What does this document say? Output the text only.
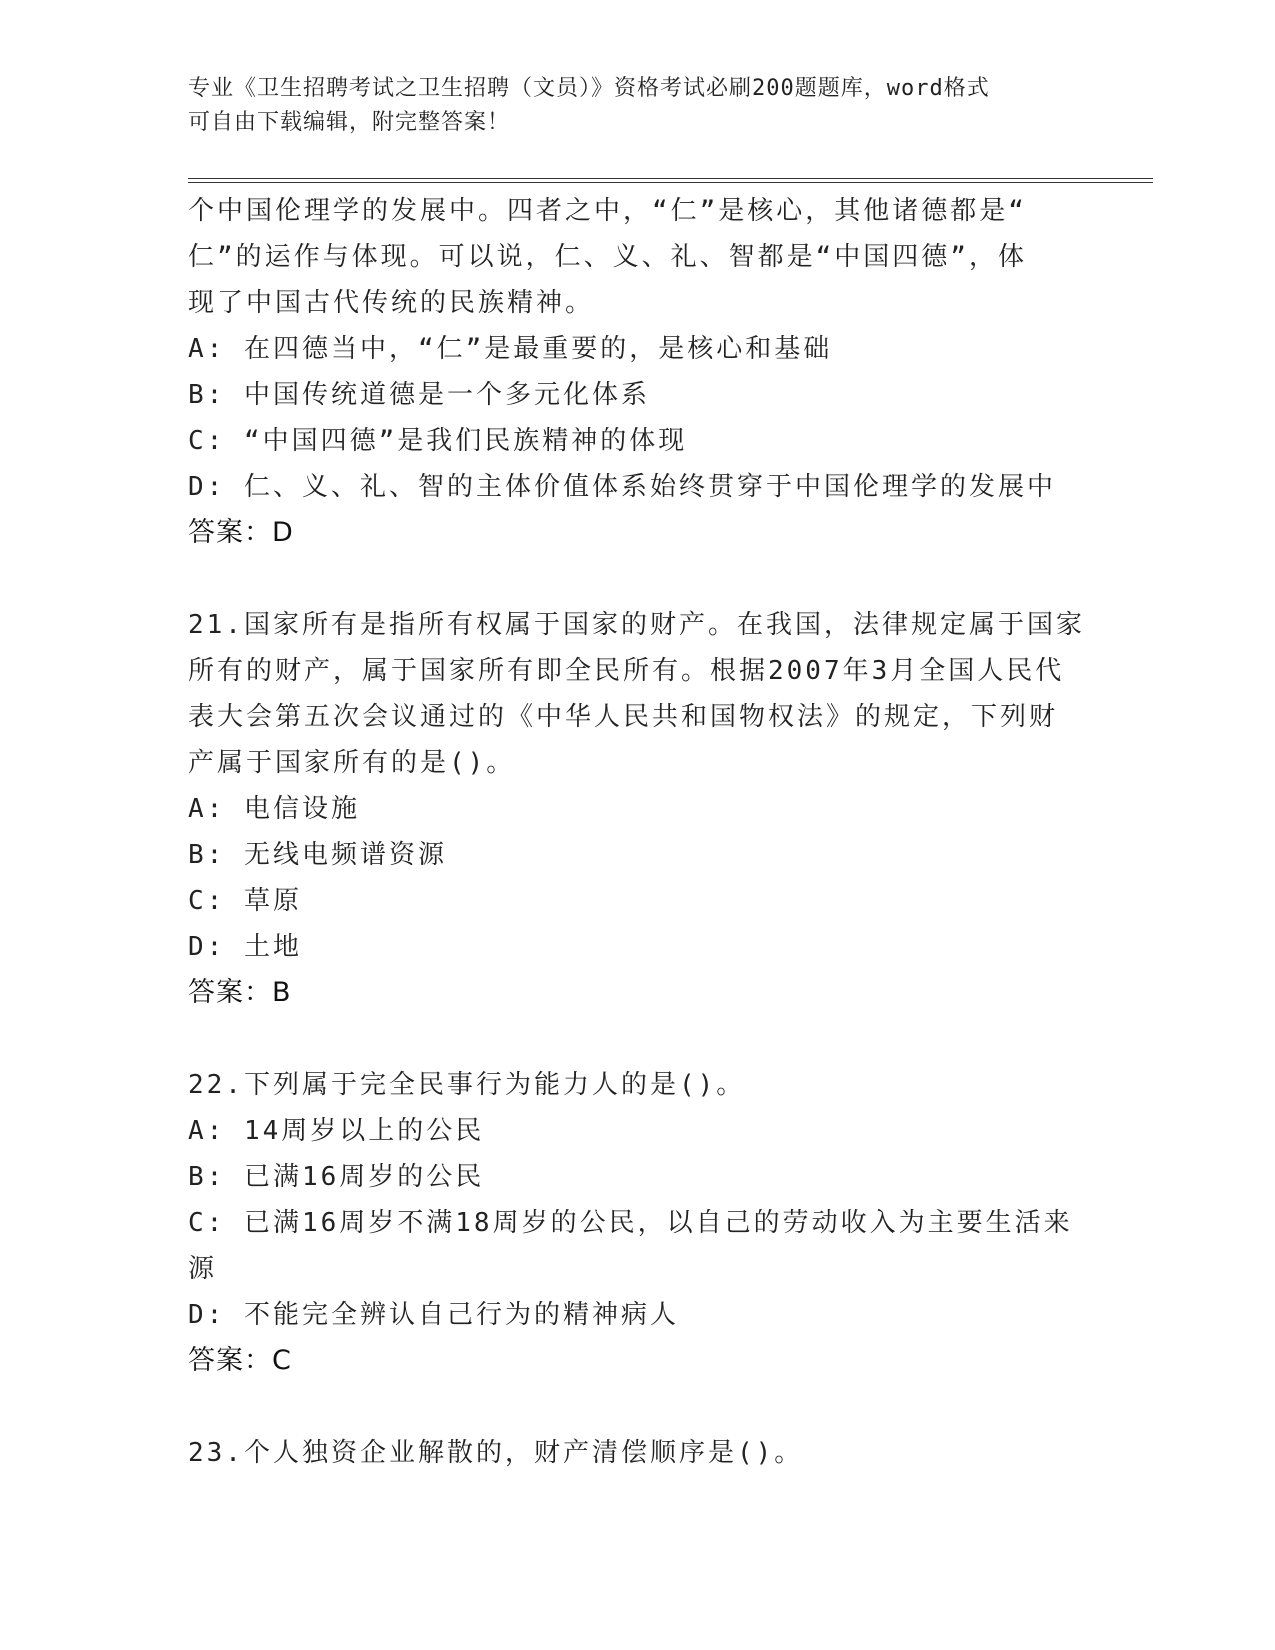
专业《卫生招聘考试之卫生招聘（文员）》资格考试必刷200题题库，word格式
可自由下载编辑，附完整答案！
个中国伦理学的发展中。四者之中，“仁”是核心，其他诸德都是“
仁”的运作与体现。可以说，仁、义、礼、智都是“中国四德”，体
现了中国古代传统的民族精神。
A: 在四德当中，“仁”是最重要的，是核心和基础
B: 中国传统道德是一个多元化体系
C: “中国四德”是我们民族精神的体现
D: 仁、义、礼、智的主体价值体系始终贯穿于中国伦理学的发展中
答案：D
21.国家所有是指所有权属于国家的财产。在我国，法律规定属于国家
所有的财产，属于国家所有即全民所有。根据2007年3月全国人民代
表大会第五次会议通过的《中华人民共和国物权法》的规定，下列财
产属于国家所有的是()。
A: 电信设施
B: 无线电频谱资源
C: 草原
D: 土地
答案：B
22.下列属于完全民事行为能力人的是()。
A: 14周岁以上的公民
B: 已满16周岁的公民
C: 已满16周岁不满18周岁的公民，以自己的劳动收入为主要生活来
源
D: 不能完全辨认自己行为的精神病人
答案：C
23.个人独资企业解散的，财产清偿顺序是()。
